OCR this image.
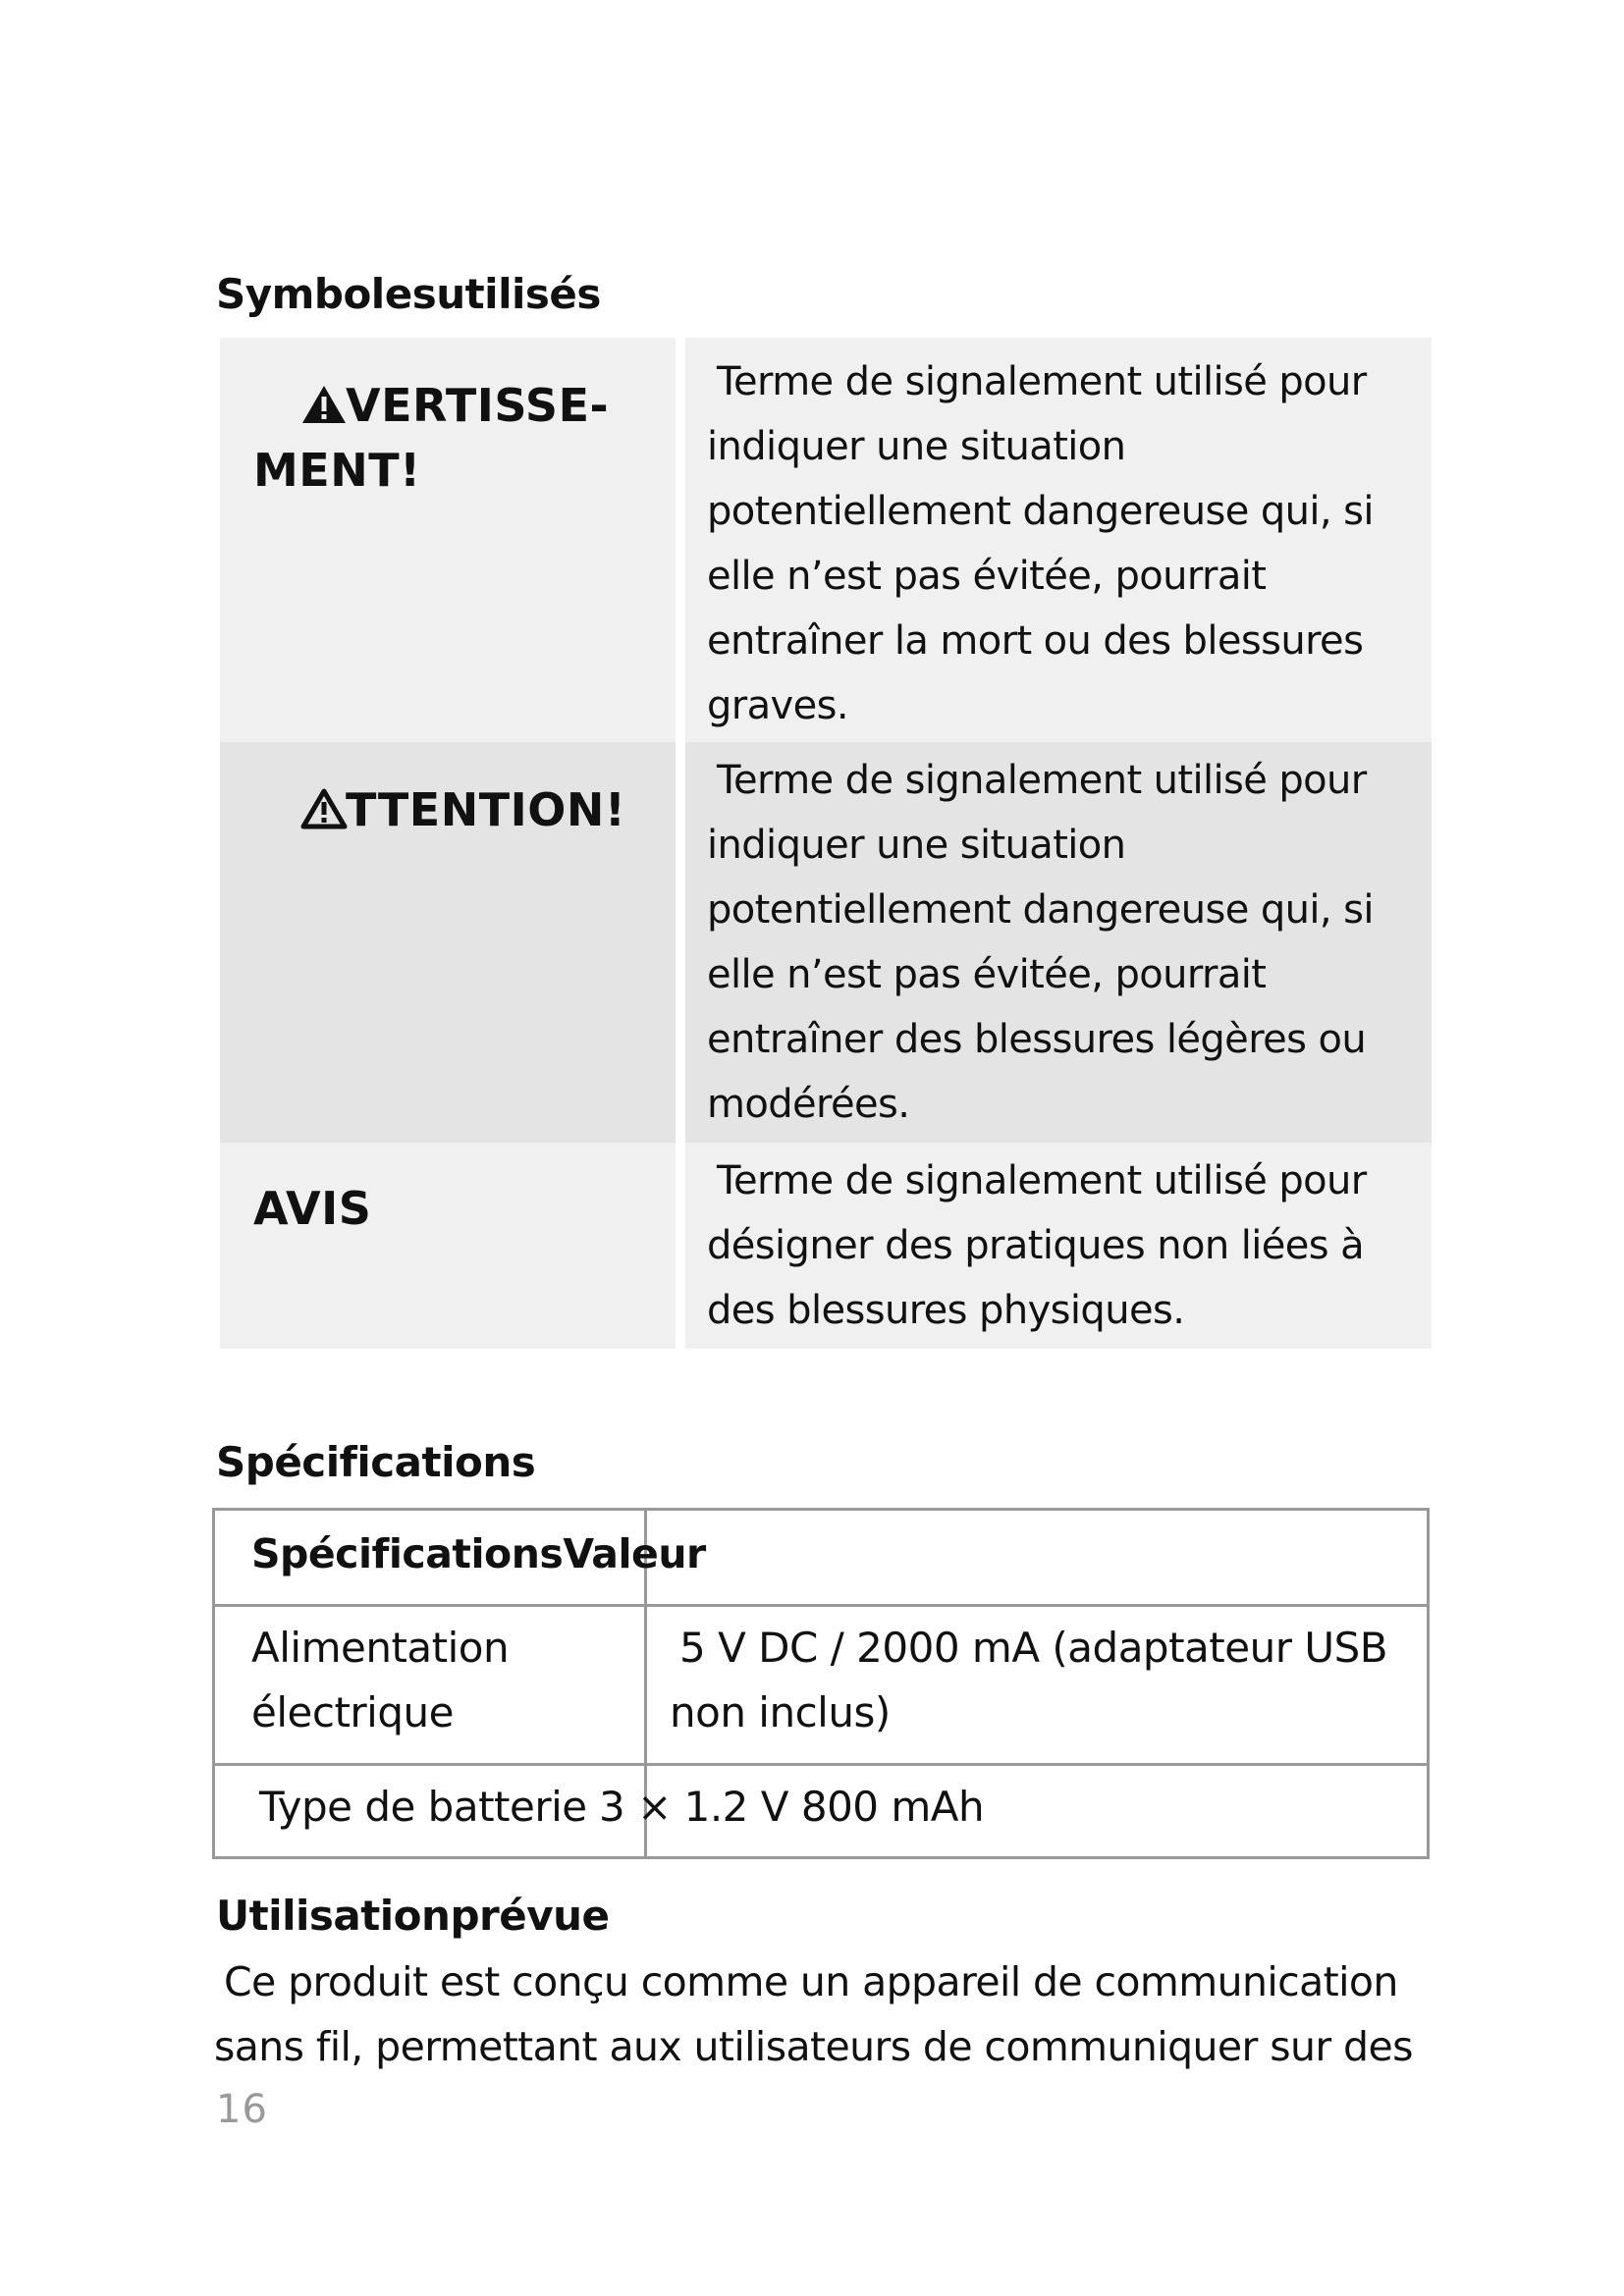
Symbolesutilisés
VERTISSE-
MENT!
Terme de signalement utilisé pour
indiquer une situation
potentiellement dangereuse qui, si
elle n’est pas évitée, pourrait
entraîner la mort ou des blessures
graves.
TTENTION!
Terme de signalement utilisé pour
indiquer une situation
potentiellement dangereuse qui, si
elle n’est pas évitée, pourrait
entraîner des blessures légères ou
modérées.
AVIS
Terme de signalement utilisé pour
désigner des pratiques non liées à
des blessures physiques.
Spécifications
SpécificationsValeur
Alimentation
électrique
5 V DC / 2000 mA (adaptateur USB
non inclus)
Type de batterie 3 × 1.2 V 800 mAh
Utilisationprévue
Ce produit est conçu comme un appareil de communication
sans fil, permettant aux utilisateurs de communiquer sur des
16
